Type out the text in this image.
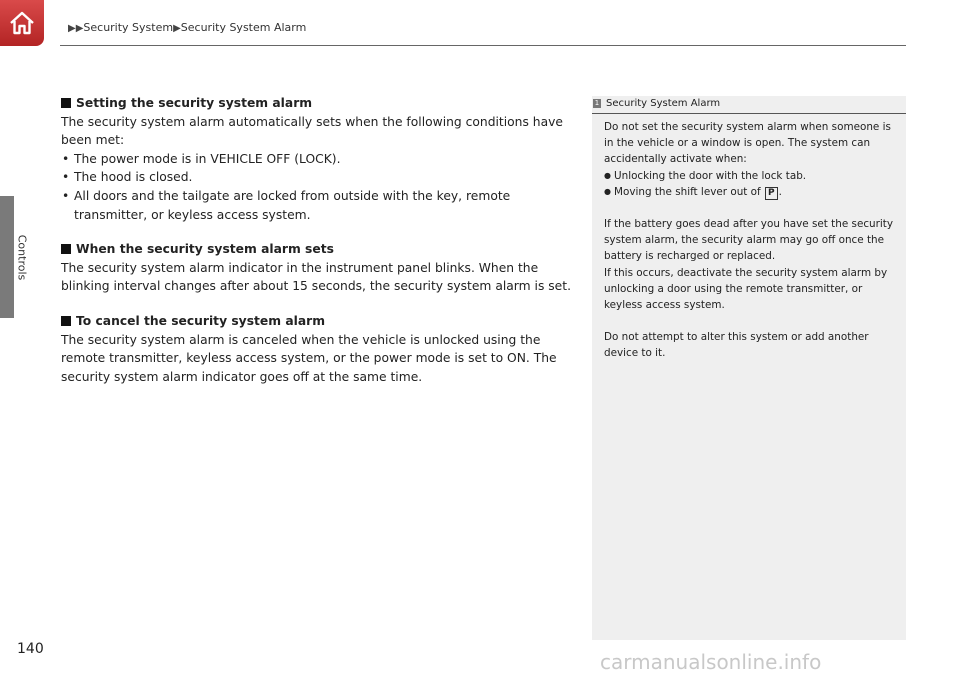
▶▶Security System▶Security System Alarm
Controls
Setting the security system alarm

The security system alarm automatically sets when the following conditions have been met:

• The power mode is in VEHICLE OFF (LOCK).
• The hood is closed.
• All doors and the tailgate are locked from outside with the key, remote transmitter, or keyless access system.
When the security system alarm sets

The security system alarm indicator in the instrument panel blinks. When the blinking interval changes after about 15 seconds, the security system alarm is set.

To cancel the security system alarm

The security system alarm is canceled when the vehicle is unlocked using the remote transmitter, keyless access system, or the power mode is set to ON. The security system alarm indicator goes off at the same time.

1 Security System Alarm

Do not set the security system alarm when someone is in the vehicle or a window is open. The system can accidentally activate when:

● Unlocking the door with the lock tab.
● Moving the shift lever out of P .

If the battery goes dead after you have set the security system alarm, the security alarm may go off once the battery is recharged or replaced.

If this occurs, deactivate the security system alarm by unlocking a door using the remote transmitter, or keyless access system.

Do not attempt to alter this system or add another device to it.

140
carmanualsonline.info
